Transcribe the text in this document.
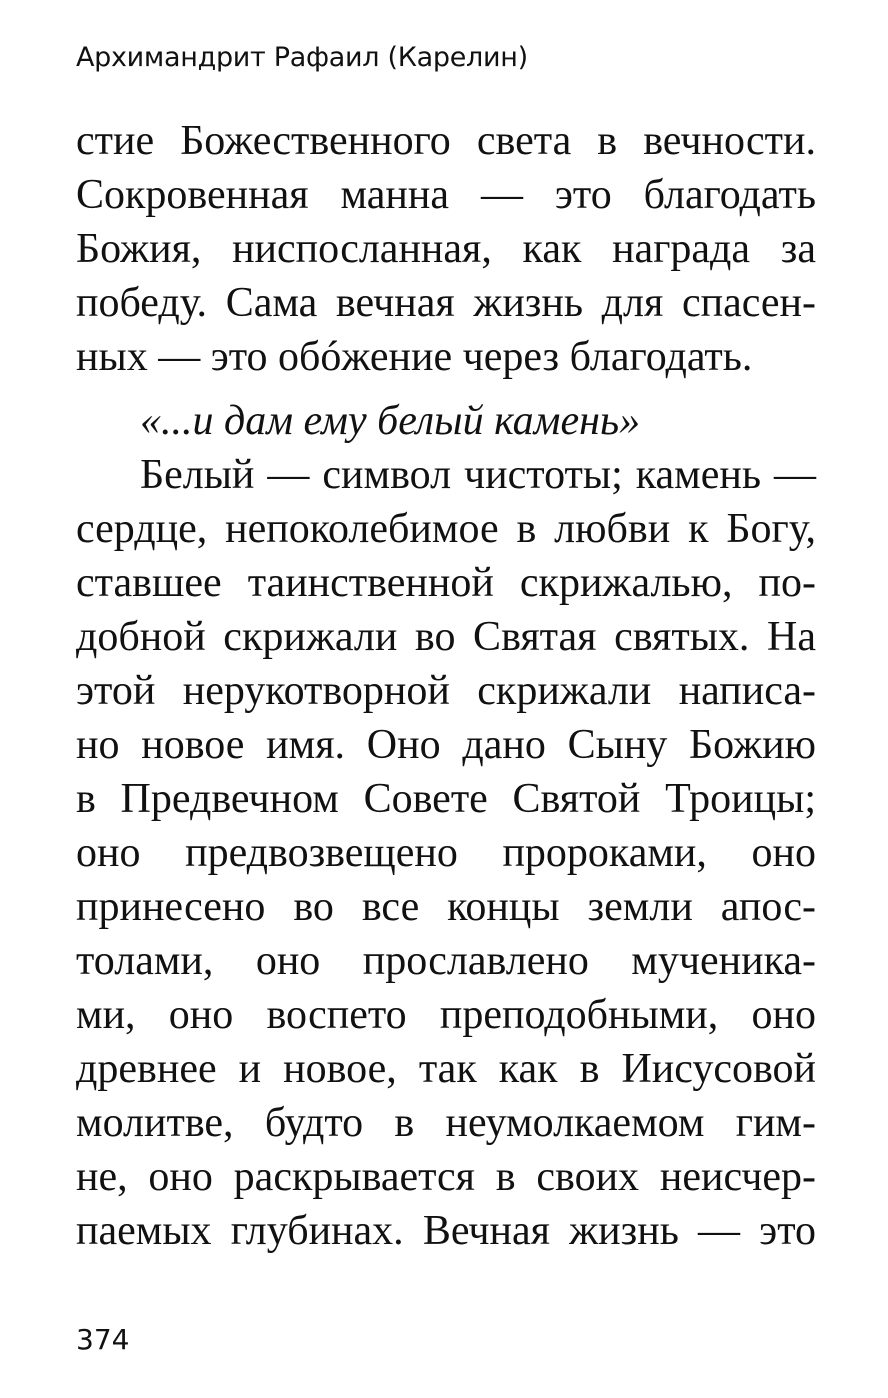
Архимандрит Рафаил (Карелин)
стие Божественного света в вечности.
Сокровенная манна — это благодать
Божия, ниспосланная, как награда за
победу. Сама вечная жизнь для спасен-
ных — это обóжение через благодать.
«...и дам ему белый камень»
Белый — символ чистоты; камень —
сердце, непоколебимое в любви к Богу,
ставшее таинственной скрижалью, по-
добной скрижали во Святая святых. На
этой нерукотворной скрижали написа-
но новое имя. Оно дано Сыну Божию
в Предвечном Совете Святой Троицы;
оно предвозвещено пророками, оно
принесено во все концы земли апос-
толами, оно прославлено мученика-
ми, оно воспето преподобными, оно
древнее и новое, так как в Иисусовой
молитве, будто в неумолкаемом гим-
не, оно раскрывается в своих неисчер-
паемых глубинах. Вечная жизнь — это
374
